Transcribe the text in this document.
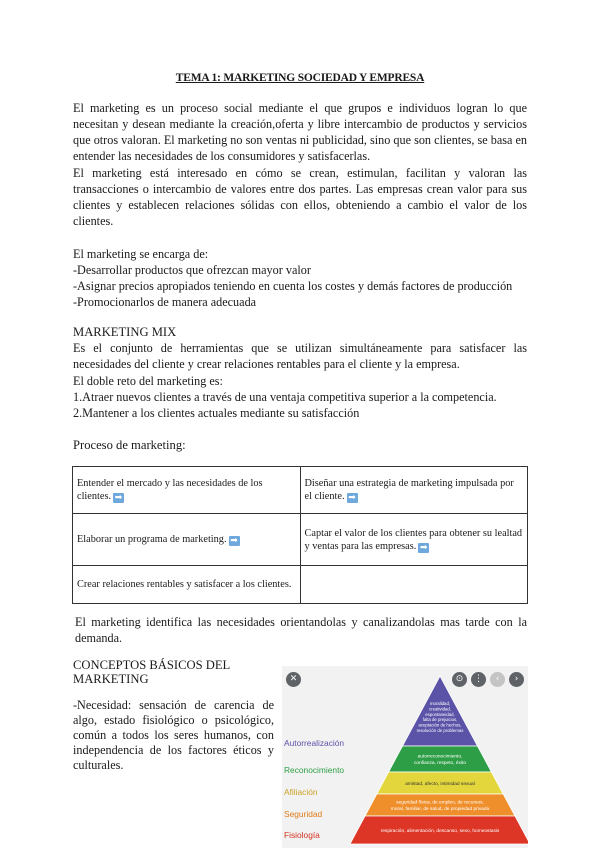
TEMA 1: MARKETING SOCIEDAD Y EMPRESA

El marketing es un proceso social mediante el que grupos e individuos logran lo que necesitan y desean mediante la creación,oferta y libre intercambio de productos y servicios que otros valoran. El marketing no son ventas ni publicidad, sino que son clientes, se basa en entender las necesidades de los consumidores y satisfacerlas.

El marketing está interesado en cómo se crean, estimulan, facilitan y valoran las transacciones o intercambio de valores entre dos partes. Las empresas crean valor para sus clientes y establecen relaciones sólidas con ellos, obteniendo a cambio el valor de los clientes.

El marketing se encarga de:
-Desarrollar productos que ofrezcan mayor valor
-Asignar precios apropiados teniendo en cuenta los costes y demás factores de producción
-Promocionarlos de manera adecuada
MARKETING MIX

Es el conjunto de herramientas que se utilizan simultáneamente para satisfacer las necesidades del cliente y crear relaciones rentables para el cliente y la empresa.

El doble reto del marketing es:
1.Atraer nuevos clientes a través de una ventaja competitiva superior a la competencia.
2.Mantener a los clientes actuales mediante su satisfacción
Proceso de marketing:
Entender el mercado y las necesidades de los clientes. ➡	Diseñar una estrategia de marketing impulsada por el cliente. ➡
Elaborar un programa de marketing. ➡	Captar el valor de los clientes para obtener su lealtad y ventas para las empresas. ➡
Crear relaciones rentables y satisfacer a los clientes.	

El marketing identifica las necesidades orientandolas y canalizandolas mas tarde con la demanda.

CONCEPTOS BÁSICOS DEL MARKETING

-Necesidad: sensación de carencia de algo, estado fisiológico o psicológico, común a todos los seres humanos, con independencia de los factores éticos y culturales.

moralidad,
creatividad,
espontaneidad,
falta de prejuicios,
aceptación de hechos,
resolución de problemas
autorreconocimiento,
confianza, respeto, éxito
amistad, afecto, intimidad sexual
seguridad física, de empleo, de recursos,
moral, familiar, de salud, de propiedad privada
respiración, alimentación, descanso, sexo, homeostasis
✕	⊙	⋮	‹	›
Autorrealización
Reconocimiento
Afiliación
Seguridad
Fisiología
